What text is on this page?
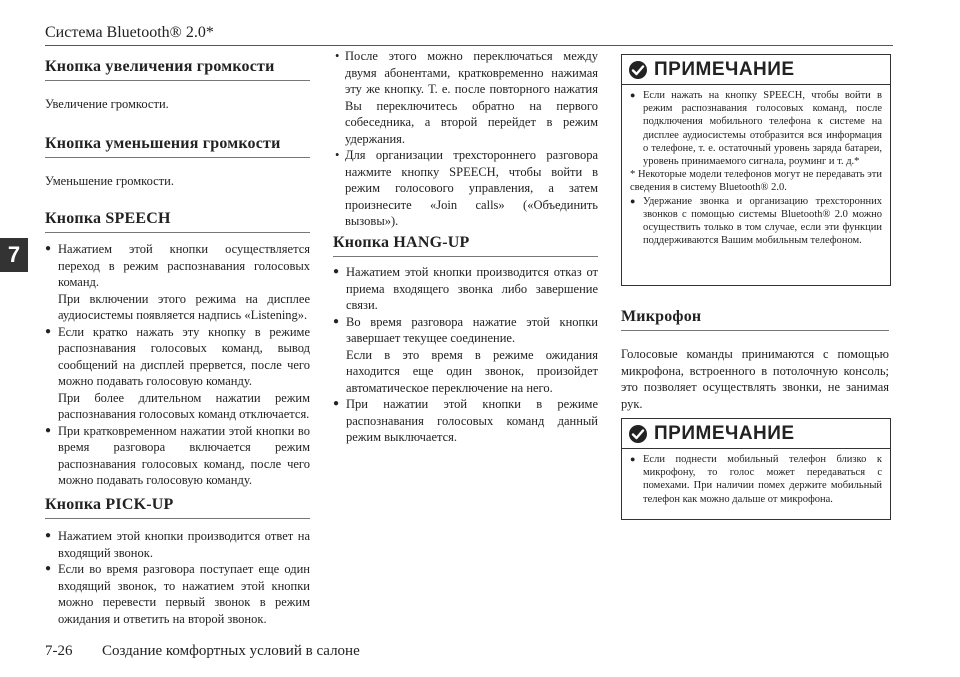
Система Bluetooth® 2.0*
7
Кнопка увеличения громкости
Увеличение громкости.
Кнопка уменьшения громкости
Уменьшение громкости.
Кнопка SPEECH

● Нажатием этой кнопки осуществляется переход в режим распознавания голосовых команд.

При включении этого режима на дисплее аудиосистемы появляется надпись «Listening».

● Если кратко нажать эту кнопку в режиме распознавания голосовых команд, вывод сообщений на дисплей прервется, после чего можно подавать голосовую команду.

При более длительном нажатии режим распознавания голосовых команд отключается.

● При кратковременном нажатии этой кнопки во время разговора включается режим распознавания голосовых команд, после чего можно подавать голосовую команду.

Кнопка PICK-UP
● Нажатием этой кнопки производится ответ на входящий звонок.
● Если во время разговора поступает еще один входящий звонок, то нажатием этой кнопки можно перевести первый звонок в режим ожидания и ответить на второй звонок.
• После этого можно переключаться между двумя абонентами, кратковременно нажимая эту же кнопку. Т. е. после повторного нажатия Вы переключитесь обратно на первого собеседника, а второй перейдет в режим удержания.
• Для организации трехстороннего разговора нажмите кнопку SPEECH, чтобы войти в режим голосового управления, а затем произнесите «Join calls» («Объединить вызовы»).
Кнопка HANG-UP

● Нажатием этой кнопки производится отказ от приема входящего звонка либо завершение связи.

● Во время разговора нажатие этой кнопки завершает текущее соединение.

Если в это время в режиме ожидания находится еще один звонок, произойдет автоматическое переключение на него.

● При нажатии этой кнопки в режиме распознавания голосовых команд данный режим выключается.

ПРИМЕЧАНИЕ
● Если нажать на кнопку SPEECH, чтобы войти в режим распознавания голосовых команд, после подключения мобильного телефона к системе на дисплее аудиосистемы отобразится вся информация о телефоне, т. е. остаточный уровень заряда батареи, уровень принимаемого сигнала, роуминг и т. д.*

* Некоторые модели телефонов могут не передавать эти сведения в систему Bluetooth® 2.0.

● Удержание звонка и организацию трехсторонних звонков с помощью системы Bluetooth® 2.0 можно осуществить только в том случае, если эти функции поддерживаются Вашим мобильным телефоном.
Микрофон
Голосовые команды принимаются с помощью микрофона, встроенного в потолочную консоль; это позволяет осуществлять звонки, не занимая рук.
ПРИМЕЧАНИЕ
● Если поднести мобильный телефон близко к микрофону, то голос может передаваться с помехами. При наличии помех держите мобильный телефон как можно дальше от микрофона.
7-26 Создание комфортных условий в салоне
